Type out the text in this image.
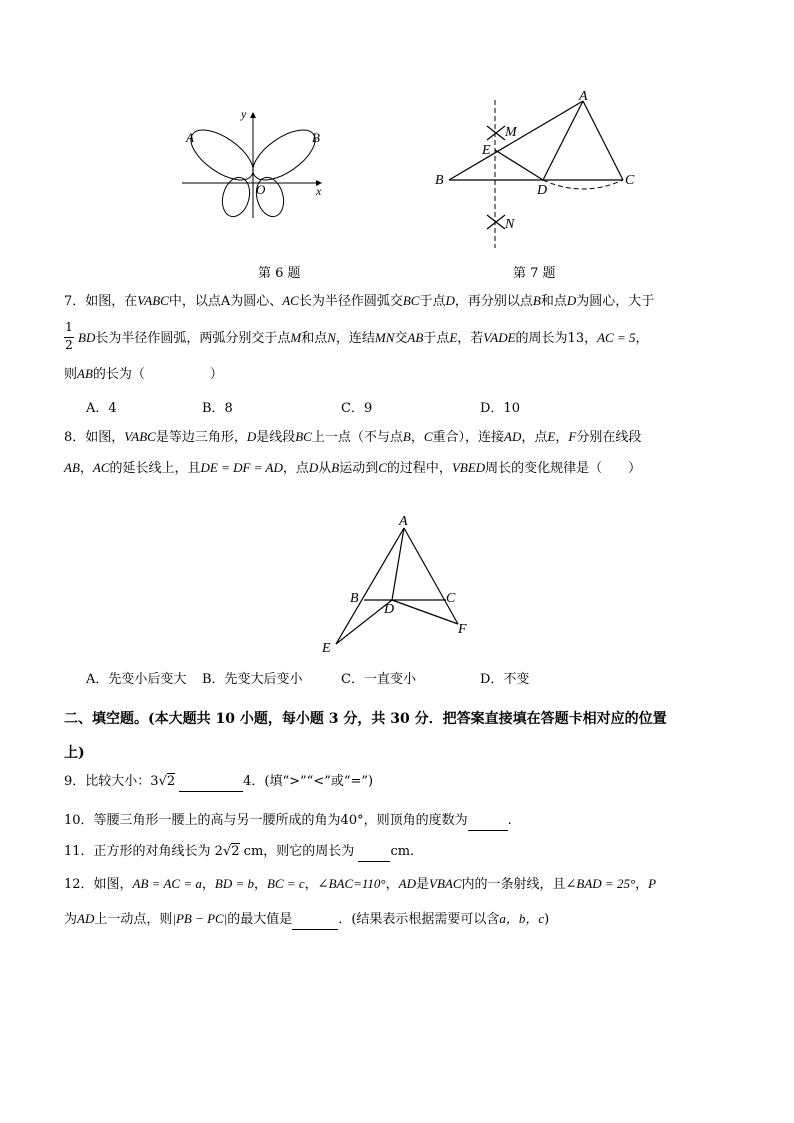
y
x
A	B
O
第 6 题
A
M
E
B
D
C
N
第 7 题
7．如图，在VABC中，以点A为圆心、AC长为半径作圆弧交BC于点D，再分别以点B和点D为圆心，大于
1
2 BD长为半径作圆弧，两弧分别交于点M和点N，连结MN交AB于点E，若VADE的周长为13，AC = 5，
则AB的长为（　　　　　）
A．4	B．8	C．9	D．10
8．如图，VABC是等边三角形，D是线段BC上一点（不与点B，C重合），连接AD，点E，F分别在线段
AB，AC的延长线上，且DE = DF = AD，点D从B运动到C的过程中，VBED周长的变化规律是（　　）
A
B	C
D
E
F
A．先变小后变大 B．先变大后变小	C．一直变小	D．不变
二、填空题。(本大题共 10 小题，每小题 3 分，共 30 分．把答案直接填在答题卡相对应的位置
上)
9．比较大小：3√2	4．(填“>”“<”或“=”)
10．等腰三角形一腰上的高与另一腰所成的角为40°，则顶角的度数为	.
11．正方形的对角线长为 2√2 cm，则它的周长为	cm.
12．如图，AB = AC = a，BD = b，BC = c，∠BAC=110°，AD是VBAC内的一条射线，且∠BAD = 25°，P
为AD上一动点，则|PB − PC|的最大值是	．(结果表示根据需要可以含a，b，c)
